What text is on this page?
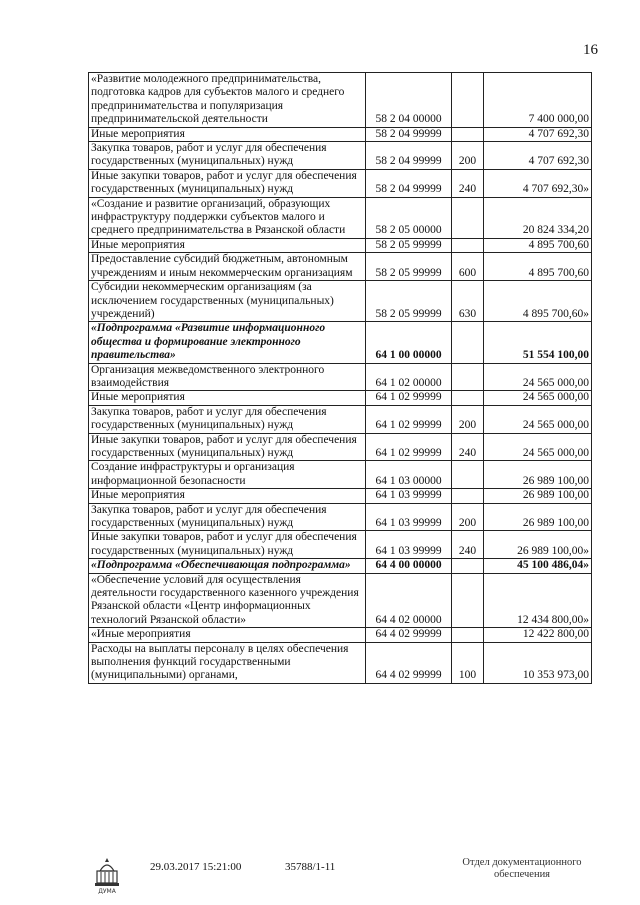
16
«Развитие молодежного предпринимательства, подготовка кадров для субъектов малого и среднего предпринимательства и популяризация предпринимательской деятельности	58 2 04 00000		7 400 000,00
Иные мероприятия	58 2 04 99999		4 707 692,30
Закупка товаров, работ и услуг для обеспечения государственных (муниципальных) нужд	58 2 04 99999	200	4 707 692,30
Иные закупки товаров, работ и услуг для обеспечения государственных (муниципальных) нужд	58 2 04 99999	240	4 707 692,30»
«Создание и развитие организаций, образующих инфраструктуру поддержки субъектов малого и среднего предпринимательства в Рязанской области	58 2 05 00000		20 824 334,20
Иные мероприятия	58 2 05 99999		4 895 700,60
Предоставление субсидий бюджетным, автономным учреждениям и иным некоммерческим организациям	58 2 05 99999	600	4 895 700,60
Субсидии некоммерческим организациям (за исключением государственных (муниципальных) учреждений)	58 2 05 99999	630	4 895 700,60»
«Подпрограмма «Развитие информационного общества и формирование электронного правительства»	64 1 00 00000		51 554 100,00
Организация межведомственного электронного взаимодействия	64 1 02 00000		24 565 000,00
Иные мероприятия	64 1 02 99999		24 565 000,00
Закупка товаров, работ и услуг для обеспечения государственных (муниципальных) нужд	64 1 02 99999	200	24 565 000,00
Иные закупки товаров, работ и услуг для обеспечения государственных (муниципальных) нужд	64 1 02 99999	240	24 565 000,00
Создание инфраструктуры и организация информационной безопасности	64 1 03 00000		26 989 100,00
Иные мероприятия	64 1 03 99999		26 989 100,00
Закупка товаров, работ и услуг для обеспечения государственных (муниципальных) нужд	64 1 03 99999	200	26 989 100,00
Иные закупки товаров, работ и услуг для обеспечения государственных (муниципальных) нужд	64 1 03 99999	240	26 989 100,00»
«Подпрограмма «Обеспечивающая подпрограмма»	64 4 00 00000		45 100 486,04»
«Обеспечение условий для осуществления деятельности государственного казенного учреждения Рязанской области «Центр информационных технологий Рязанской области»	64 4 02 00000		12 434 800,00»
«Иные мероприятия	64 4 02 99999		12 422 800,00
Расходы на выплаты персоналу в целях обеспечения выполнения функций государственными (муниципальными) органами,	64 4 02 99999	100	10 353 973,00
ДУМА
29.03.2017 15:21:00	35788/1-11	Отдел документационного обеспечения
